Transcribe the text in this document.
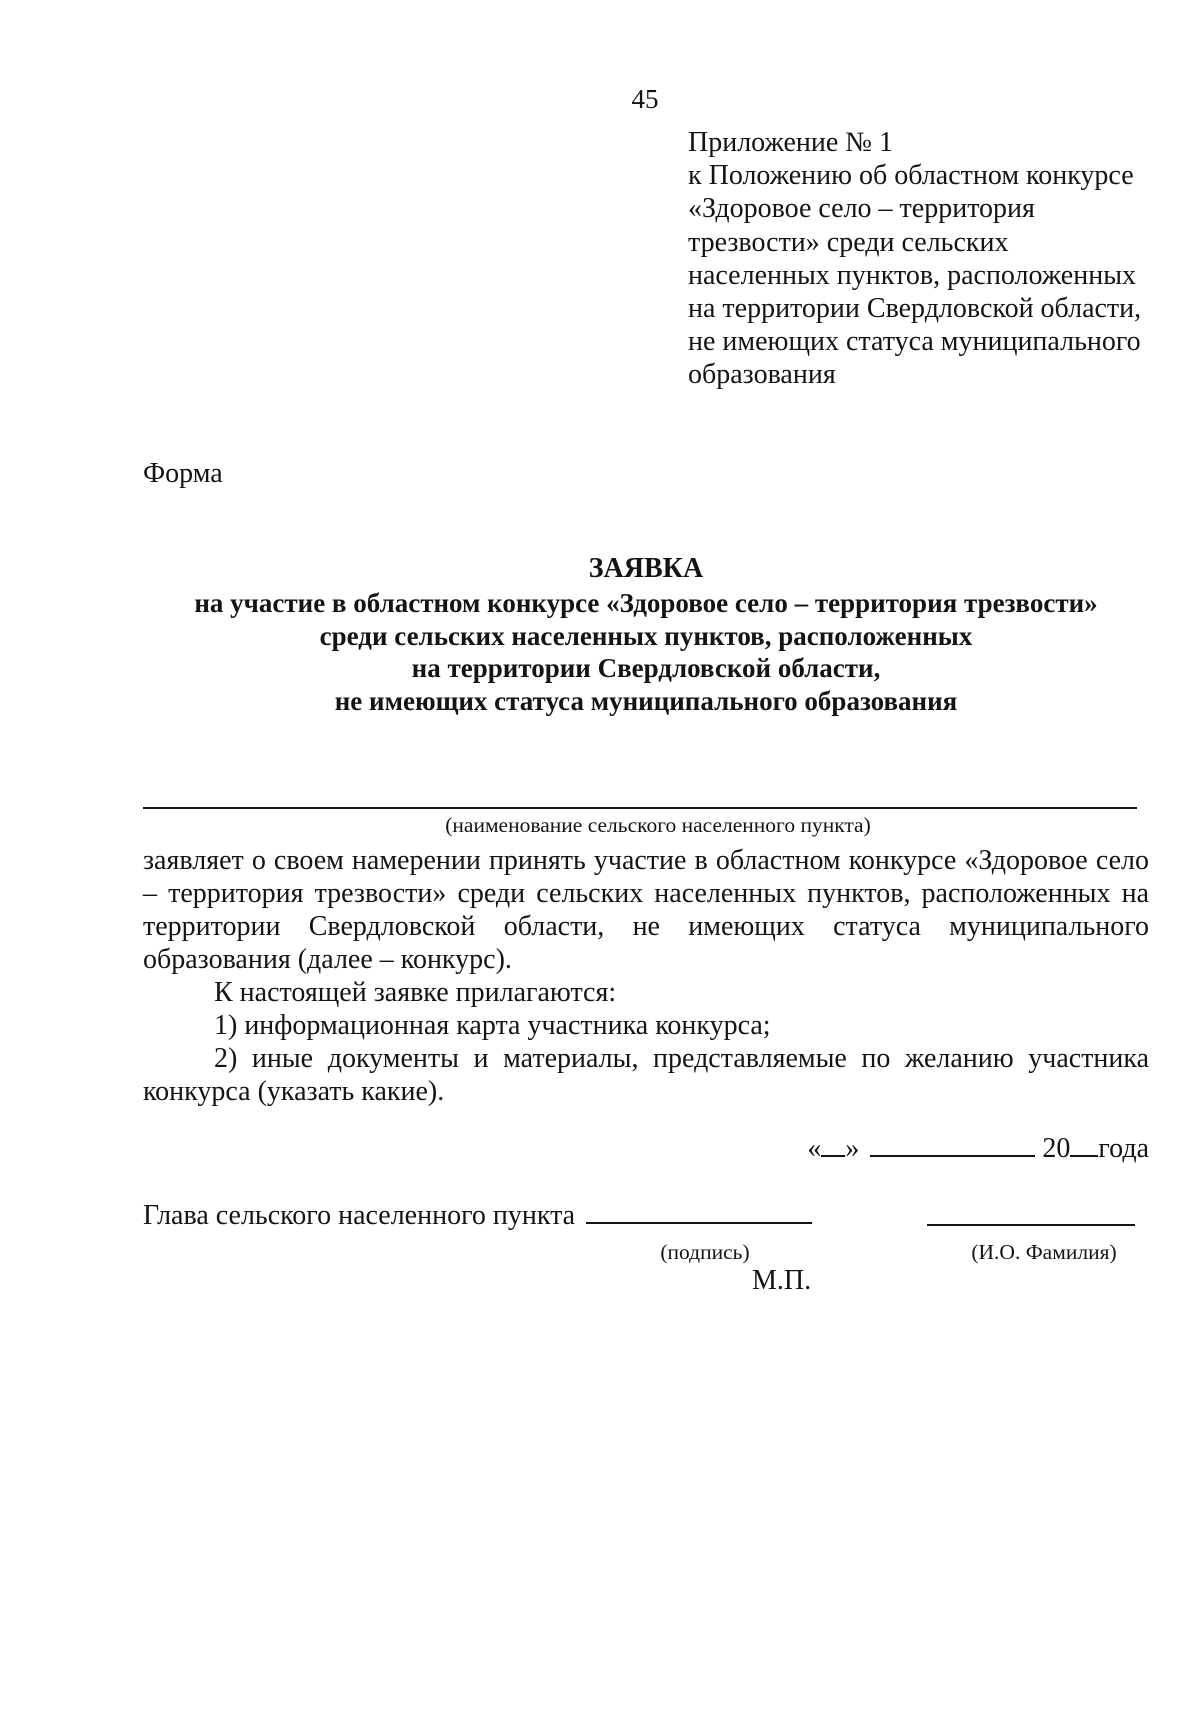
45
Приложение № 1
к Положению об областном конкурсе
«Здоровое село – территория
трезвости» среди сельских
населенных пунктов, расположенных
на территории Свердловской области,
не имеющих статуса муниципального
образования
Форма
ЗАЯВКА
на участие в областном конкурсе «Здоровое село – территория трезвости»
среди сельских населенных пунктов, расположенных
на территории Свердловской области,
не имеющих статуса муниципального образования
(наименование сельского населенного пункта)

заявляет о своем намерении принять участие в областном конкурсе «Здоровое село – территория трезвости» среди сельских населенных пунктов, расположенных на территории Свердловской области, не имеющих статуса муниципального образования (далее – конкурс).

К настоящей заявке прилагаются:

1) информационная карта участника конкурса;

2) иные документы и материалы, представляемые по желанию участника конкурса (указать какие).

« »	20 года
Глава сельского населенного пункта
(подпись)	(И.О. Фамилия)
М.П.
